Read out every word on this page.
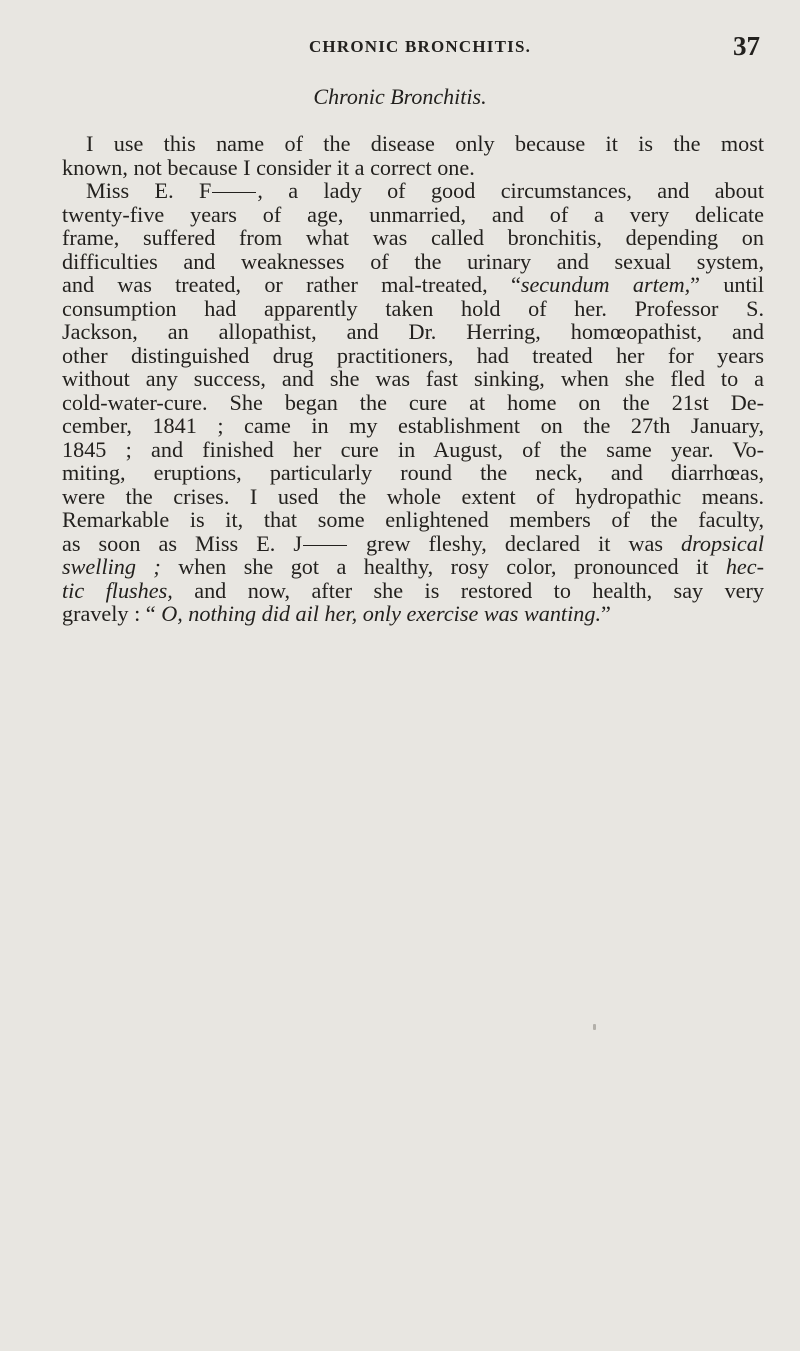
CHRONIC BRONCHITIS.	37
Chronic Bronchitis.
I use this name of the disease only because it is the most
known, not because I consider it a correct one.
Miss E. F , a lady of good circumstances, and about
twenty-five years of age, unmarried, and of a very delicate
frame, suffered from what was called bronchitis, depending on
difficulties and weaknesses of the urinary and sexual system,
and was treated, or rather mal-treated, “secundum artem,” until
consumption had apparently taken hold of her. Professor S.
Jackson, an allopathist, and Dr. Herring, homœopathist, and
other distinguished drug practitioners, had treated her for years
without any success, and she was fast sinking, when she fled to a
cold-water-cure. She began the cure at home on the 21st De-
cember, 1841 ; came in my establishment on the 27th January,
1845 ; and finished her cure in August, of the same year. Vo-
miting, eruptions, particularly round the neck, and diarrhœas,
were the crises. I used the whole extent of hydropathic means.
Remarkable is it, that some enlightened members of the faculty,
as soon as Miss E. J grew fleshy, declared it was dropsical
swelling ; when she got a healthy, rosy color, pronounced it hec-
tic flushes, and now, after she is restored to health, say very
gravely : “ O, nothing did ail her, only exercise was wanting.”
